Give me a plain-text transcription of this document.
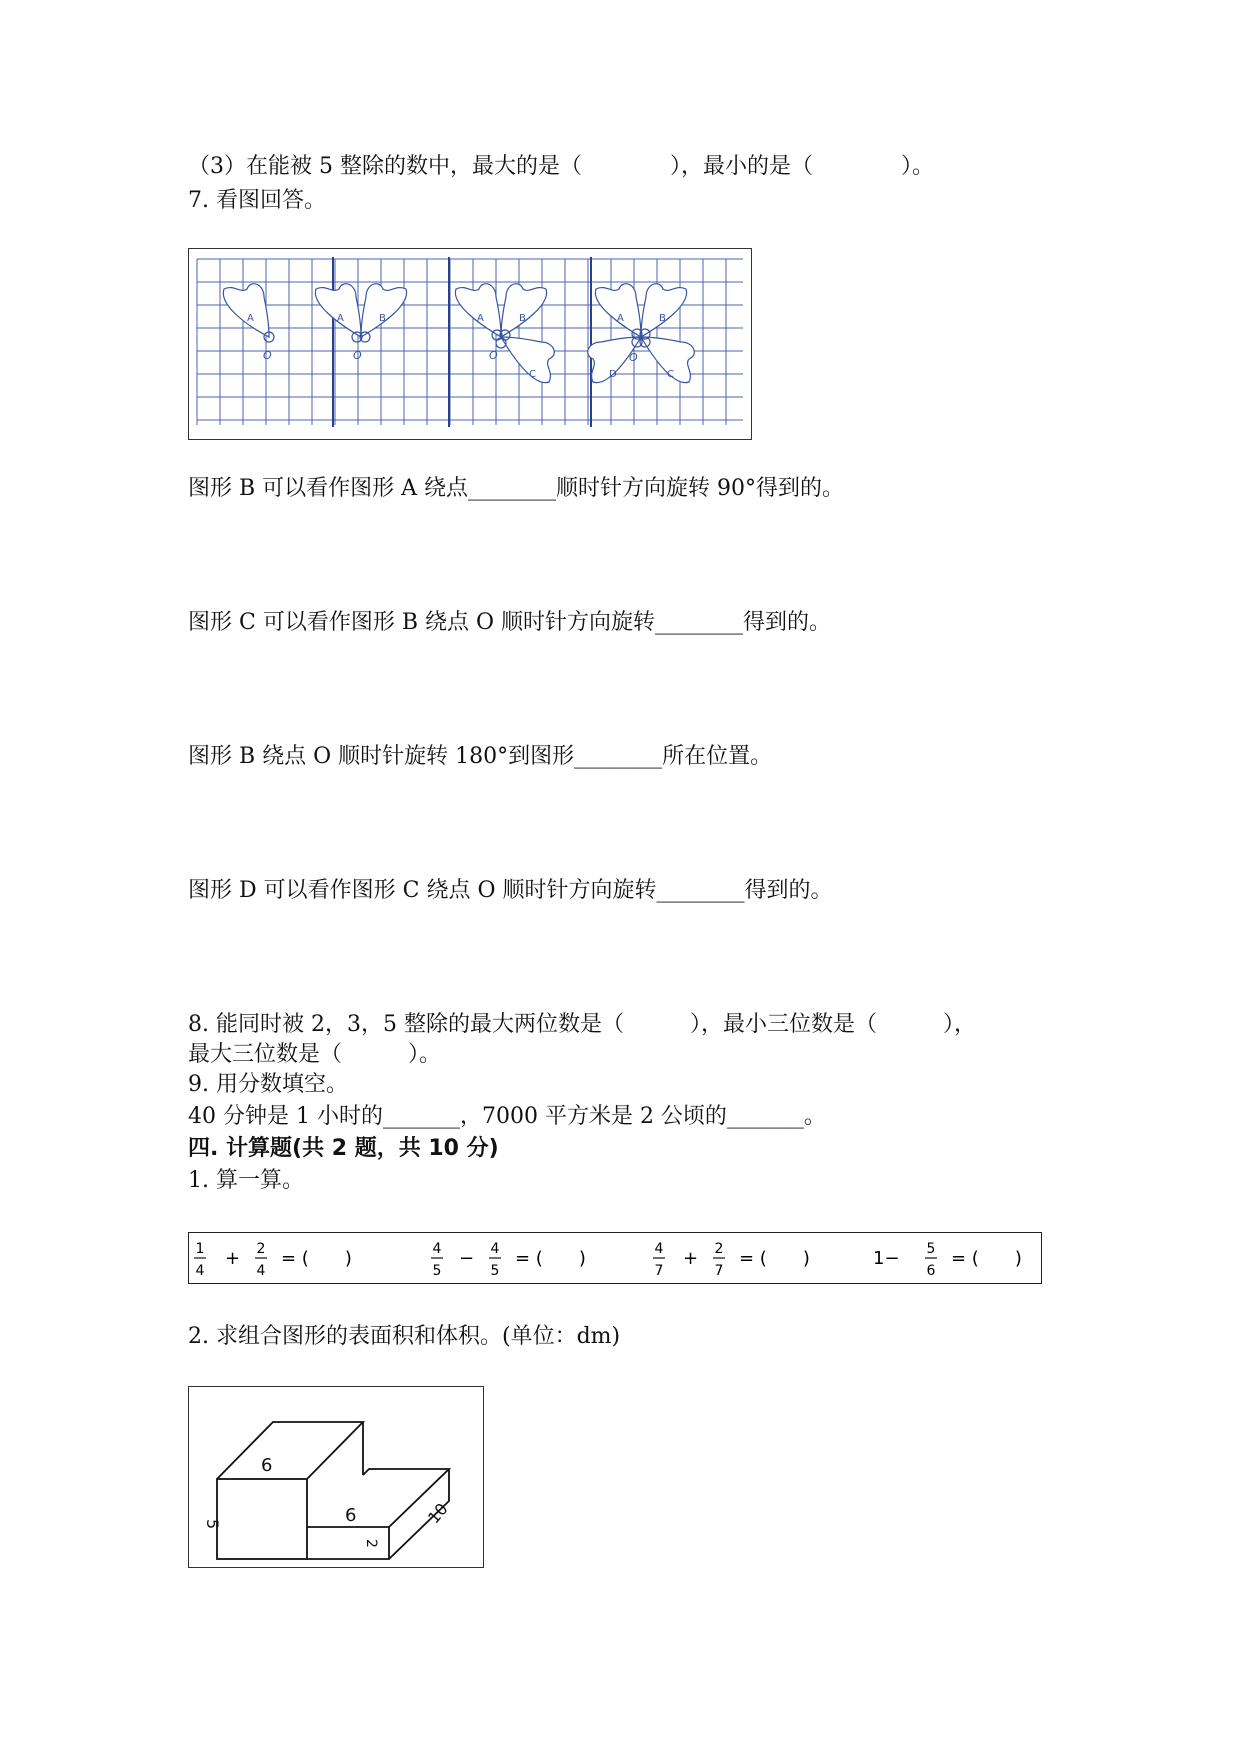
（3）在能被 5 整除的数中，最大的是（　　　　），最小的是（　　　　）。
7. 看图回答。
A
O
A	B
O
A	B
C
O
A	B
C
D
O
图形 B 可以看作图形 A 绕点________顺时针方向旋转 90°得到的。
图形 C 可以看作图形 B 绕点 O 顺时针方向旋转________得到的。
图形 B 绕点 O 顺时针旋转 180°到图形________所在位置。
图形 D 可以看作图形 C 绕点 O 顺时针方向旋转________得到的。
8. 能同时被 2，3，5 整除的最大两位数是（　　　），最小三位数是（　　　），
最大三位数是（　　　）。
9. 用分数填空。
40 分钟是 1 小时的_______，7000 平方米是 2 公顷的_______。
四. 计算题(共 2 题，共 10 分)
1. 算一算。
1
4
+ 2
4
= (　　)	4
5
− 4
5
= (　　)	4
7
+ 2
7
= (　　)	1− 5
6
= (　　)
2. 求组合图形的表面积和体积。(单位：dm)
6
5	6
2
10
